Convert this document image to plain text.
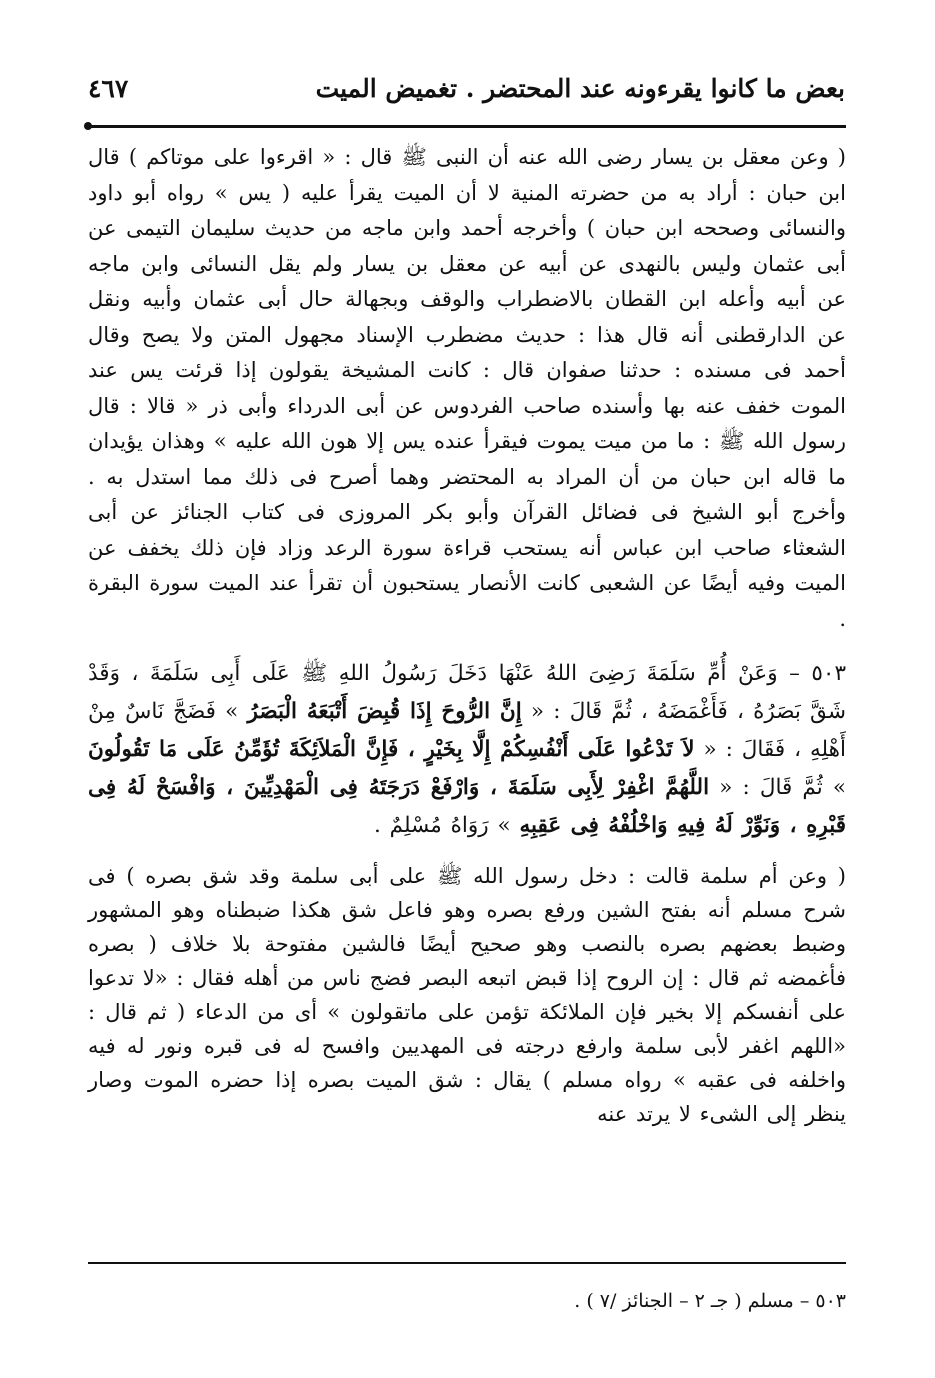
بعض ما كانوا يقرءونه عند المحتضر . تغميض الميت
٤٦٧

( وعن معقل بن يسار رضى الله عنه أن النبى ﷺ قال : « اقرءوا على موتاكم ) قال ابن حبان : أراد به من حضرته المنية لا أن الميت يقرأ عليه ( يس » رواه أبو داود والنسائى وصححه ابن حبان ) وأخرجه أحمد وابن ماجه من حديث سليمان التيمى عن أبى عثمان وليس بالنهدى عن أبيه عن معقل بن يسار ولم يقل النسائى وابن ماجه عن أبيه وأعله ابن القطان بالاضطراب والوقف وبجهالة حال أبى عثمان وأبيه ونقل عن الدارقطنى أنه قال هذا : حديث مضطرب الإسناد مجهول المتن ولا يصح وقال أحمد فى مسنده : حدثنا صفوان قال : كانت المشيخة يقولون إذا قرئت يس عند الموت خفف عنه بها وأسنده صاحب الفردوس عن أبى الدرداء وأبى ذر « قالا : قال رسول الله ﷺ : ما من ميت يموت فيقرأ عنده يس إلا هون الله عليه » وهذان يؤيدان ما قاله ابن حبان من أن المراد به المحتضر وهما أصرح فى ذلك مما استدل به . وأخرج أبو الشيخ فى فضائل القرآن وأبو بكر المروزى فى كتاب الجنائز عن أبى الشعثاء صاحب ابن عباس أنه يستحب قراءة سورة الرعد وزاد فإن ذلك يخفف عن الميت وفيه أيضًا عن الشعبى كانت الأنصار يستحبون أن تقرأ عند الميت سورة البقرة .

٥٠٣ – وَعَنْ أُمِّ سَلَمَةَ رَضِىَ اللهُ عَنْهَا دَخَلَ رَسُولُ اللهِ ﷺ عَلَى أَبِى سَلَمَةَ ، وَقَدْ شَقَّ بَصَرُهُ ، فَأَغْمَضَهُ ، ثُمَّ قَالَ : « إِنَّ الرُّوحَ إِذَا قُبِضَ أَتْبَعَهُ الْبَصَرُ » فَضَجَّ نَاسٌ مِنْ أَهْلِهِ ، فَقَالَ : « لاَ تَدْعُوا عَلَى أَنْفُسِكُمْ إِلَّا بِخَيْرٍ ، فَإِنَّ الْمَلاَئِكَةَ تُؤَمِّنُ عَلَى مَا تَقُولُونَ » ثُمَّ قَالَ : « اللَّهُمَّ اغْفِرْ لِأَبِى سَلَمَةَ ، وَارْفَعْ دَرَجَتَهُ فِى الْمَهْدِيِّينَ ، وَافْسَحْ لَهُ فِى قَبْرِهِ ، وَنَوِّرْ لَهُ فِيهِ وَاخْلُفْهُ فِى عَقِبِهِ » رَوَاهُ مُسْلِمٌ .

( وعن أم سلمة قالت : دخل رسول الله ﷺ على أبى سلمة وقد شق بصره ) فى شرح مسلم أنه بفتح الشين ورفع بصره وهو فاعل شق هكذا ضبطناه وهو المشهور وضبط بعضهم بصره بالنصب وهو صحيح أيضًا فالشين مفتوحة بلا خلاف ( بصره فأغمضه ثم قال : إن الروح إذا قبض اتبعه البصر فضج ناس من أهله فقال : «لا تدعوا على أنفسكم إلا بخير فإن الملائكة تؤمن على ماتقولون » أى من الدعاء ( ثم قال : «اللهم اغفر لأبى سلمة وارفع درجته فى المهديين وافسح له فى قبره ونور له فيه واخلفه فى عقبه » رواه مسلم ) يقال : شق الميت بصره إذا حضره الموت وصار ينظر إلى الشىء لا يرتد عنه

٥٠٣ – مسلم ( جـ ٢ – الجنائز /٧ ) .
